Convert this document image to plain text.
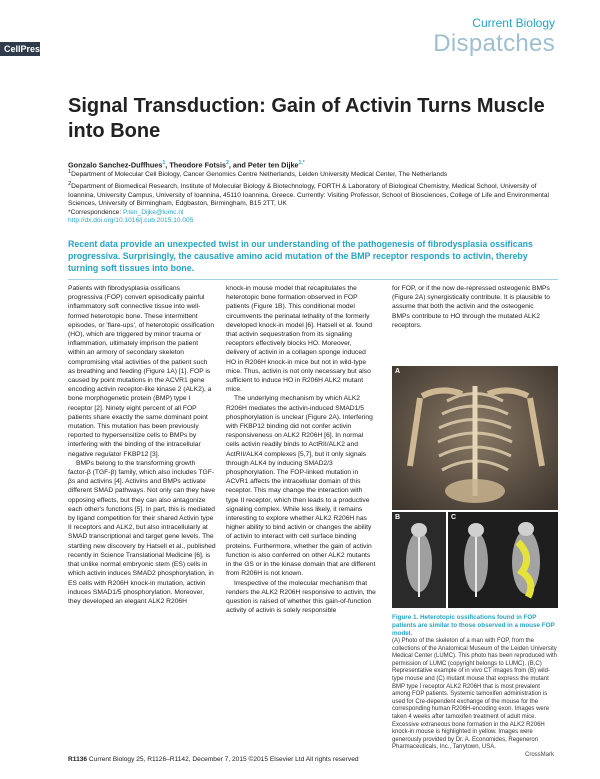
CellPress
Current Biology
Dispatches
Signal Transduction: Gain of Activin Turns Muscle into Bone
Gonzalo Sanchez-Duffhues$^1$, Theodore Fotsis$^2$, and Peter ten Dijke$^{1,*}$
$^1$Department of Molecular Cell Biology, Cancer Genomics Centre Netherlands, Leiden University Medical Center, The Netherlands
$^2$Department of Biomedical Research, Institute of Molecular Biology & Biotechnology, FORTH & Laboratory of Biological Chemistry, Medical School, University of Ioannina, University Campus, University of Ioannina, 45110 Ioannina, Greece. Currently: Visiting Professor, School of Biosciences, College of Life and Environmental Sciences, University of Birmingham, Edgbaston, Birmingham, B15 2TT, UK
*Correspondence: P.ten_Dijke@lumc.nl
http://dx.doi.org/10.1016/j.cub.2015.10.005

Recent data provide an unexpected twist in our understanding of the pathogenesis of fibrodysplasia ossificans progressiva. Surprisingly, the causative amino acid mutation of the BMP receptor responds to activin, thereby turning soft tissues into bone.

Patients with fibrodysplasia ossificans progressiva (FOP) convert episodically painful inflammatory soft connective tissue into well-formed heterotopic bone. These intermittent episodes, or 'flare-ups', of heterotopic ossification (HO), which are triggered by minor trauma or inflammation, ultimately imprison the patient within an armory of secondary skeleton compromising vital activities of the patient such as breathing and feeding (Figure 1A) [1]. FOP is caused by point mutations in the ACVR1 gene encoding activin receptor-like kinase 2 (ALK2), a bone morphogenetic protein (BMP) type I receptor [2]. Ninety eight percent of all FOP patients share exactly the same dominant point mutation. This mutation has been previously reported to hypersensitize cells to BMPs by interfering with the binding of the intracellular negative regulator FKBP12 [3].

BMPs belong to the transforming growth factor-β (TGF-β) family, which also includes TGF-βs and activins [4]. Activins and BMPs activate different SMAD pathways. Not only can they have opposing effects, but they can also antagonize each other's functions [5]. In part, this is mediated by ligand competition for their shared Activin type II receptors and ALK2, but also intracellularly at SMAD transcriptional and target gene levels. The startling new discovery by Hatsell et al., published recently in Science Translational Medicine [6], is that unlike normal embryonic stem (ES) cells in which activin induces SMAD2 phosphorylation, in ES cells with R206H knock-in mutation, activin induces SMAD1/5 phosphorylation. Moreover, they developed an elegant ALK2 R206H

knock-in mouse model that recapitulates the heterotopic bone formation observed in FOP patients (Figure 1B). This conditional model circumvents the perinatal lethality of the formerly developed knock-in model [6]. Hatsell et al. found that activin sequestration from its signaling receptors effectively blocks HO. Moreover, delivery of activin in a collagen sponge induced HO in R206H knock-in mice but not in wild-type mice. Thus, activin is not only necessary but also sufficient to induce HO in R206H ALK2 mutant mice.

The underlying mechanism by which ALK2 R206H mediates the activin-induced SMAD1/5 phosphorylation is unclear (Figure 2A). Interfering with FKBP12 binding did not confer activin responsiveness on ALK2 R206H [6]. In normal cells activin readily binds to ActRII/ALK2 and ActRII/ALK4 complexes [5,7], but it only signals through ALK4 by inducing SMAD2/3 phosphorylation. The FOP-linked mutation in ACVR1 affects the intracellular domain of this receptor. This may change the interaction with type II receptor, which then leads to a productive signaling complex. While less likely, it remains interesting to explore whether ALK2 R206H has higher ability to bind activin or changes the ability of activin to interact with cell surface binding proteins. Furthermore, whether the gain of activin function is also conferred on other ALK2 mutants in the GS or in the kinase domain that are different from R206H is not known.

Irrespective of the molecular mechanism that renders the ALK2 R206H responsive to activin, the question is raised of whether this gain-of-function activity of activin is solely responsible

for FOP, or if the now de-repressed osteogenic BMPs (Figure 2A) synergistically contribute. It is plausible to assume that both the activin and the osteogenic BMPs contribute to HO through the mutated ALK2 receptors.

A
B	C
Figure 1. Heterotopic ossifications found in FOP patients are similar to those observed in a mouse FOP model.
(A) Photo of the skeleton of a man with FOP, from the collections of the Anatomical Museum of the Leiden University Medical Center (LUMC). This photo has been reproduced with permission of LUMC (copyright belongs to LUMC). (B,C) Representative example of in vivo CT images from (B) wild-type mouse and (C) mutant mouse that express the mutant BMP type I receptor ALK2 R206H that is most prevalent among FOP patients. Systemic tamoxifen administration is used for Cre-dependent exchange of the mouse for the corresponding human R206H-encoding exon. Images were taken 4 weeks after tamoxifen treatment of adult mice. Excessive extraneous bone formation in the ALK2 R206H knock-in mouse is highlighted in yellow. Images were generously provided by Dr. A. Economides, Regeneron Pharmaceuticals, Inc., Tarrytown, USA.
R1136 Current Biology 25, R1126–R1142, December 7, 2015 ©2015 Elsevier Ltd All rights reserved
CrossMark
